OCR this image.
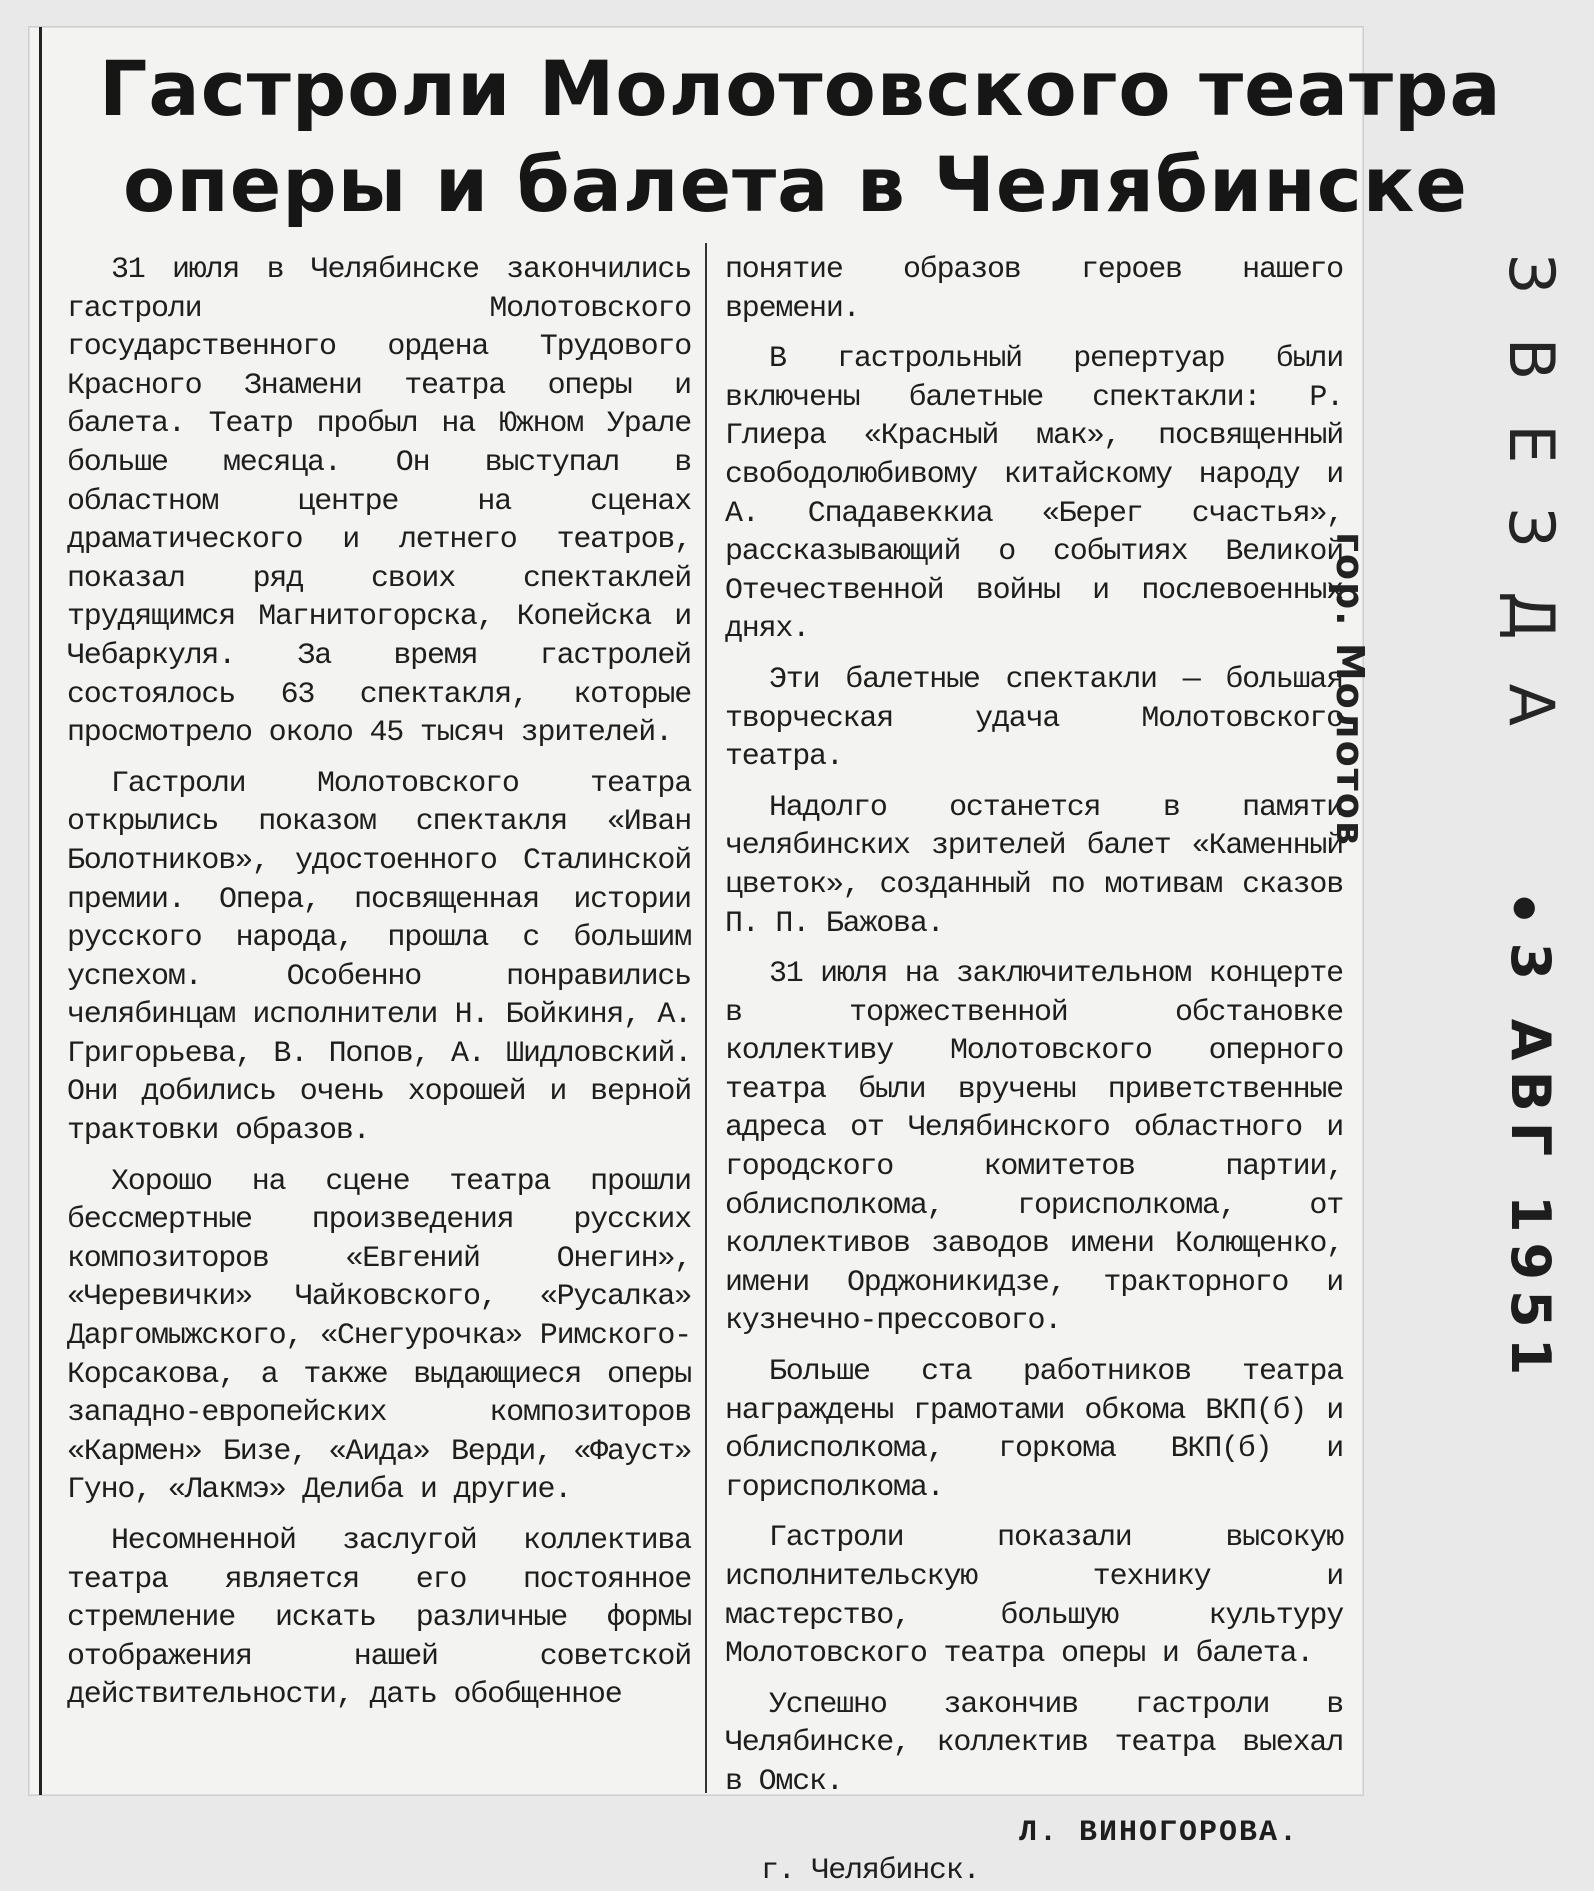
Гастроли Молотовского театра
оперы и балета в Челябинске

31 июля в Челябинске закончились гастроли Молотовского государственного ордена Трудового Красного Знамени театра оперы и балета. Театр пробыл на Южном Урале больше месяца. Он выступал в областном центре на сценах драматического и летнего театров, показал ряд своих спектаклей трудящимся Магнитогорска, Копейска и Чебаркуля. За время гастролей состоялось 63 спектакля, которые просмотрело около 45 тысяч зрителей.

Гастроли Молотовского театра открылись показом спектакля «Иван Болотников», удостоенного Сталинской премии. Опера, посвященная истории русского народа, прошла с большим успехом. Особенно понравились челябинцам исполнители Н. Бойкиня, А. Григорьева, В. Попов, А. Шидловский. Они добились очень хорошей и верной трактовки образов.

Хорошо на сцене театра прошли бессмертные произведения русских композиторов «Евгений Онегин», «Черевички» Чайковского, «Русалка» Даргомыжского, «Снегурочка» Римского-Корсакова, а также выдающиеся оперы западно-европейских композиторов «Кармен» Бизе, «Аида» Верди, «Фауст» Гуно, «Лакмэ» Делиба и другие.

Несомненной заслугой коллектива театра является его постоянное стремление искать различные формы отображения нашей советской действительности, дать обобщенное

понятие образов героев нашего времени.

В гастрольный репертуар были включены балетные спектакли: Р. Глиера «Красный мак», посвященный свободолюбивому китайскому народу и А. Спадавеккиа «Берег счастья», рассказывающий о событиях Великой Отечественной войны и послевоенных днях.

Эти балетные спектакли — большая творческая удача Молотовского театра.

Надолго останется в памяти челябинских зрителей балет «Каменный цветок», созданный по мотивам сказов П. П. Бажова.

31 июля на заключительном концерте в торжественной обстановке коллективу Молотовского оперного театра были вручены приветственные адреса от Челябинского областного и городского комитетов партии, облисполкома, горисполкома, от коллективов заводов имени Колющенко, имени Орджоникидзе, тракторного и кузнечно-прессового.

Больше ста работников театра награждены грамотами обкома ВКП(б) и облисполкома, горкома ВКП(б) и горисполкома.

Гастроли показали высокую исполнительскую технику и мастерство, большую культуру Молотовского театра оперы и балета.

Успешно закончив гастроли в Челябинске, коллектив театра выехал в Омск.

Л. ВИНОГОРОВА.
г. Челябинск.
гор. Молотов ЗВЕЗДА
●3 АВГ 1951
